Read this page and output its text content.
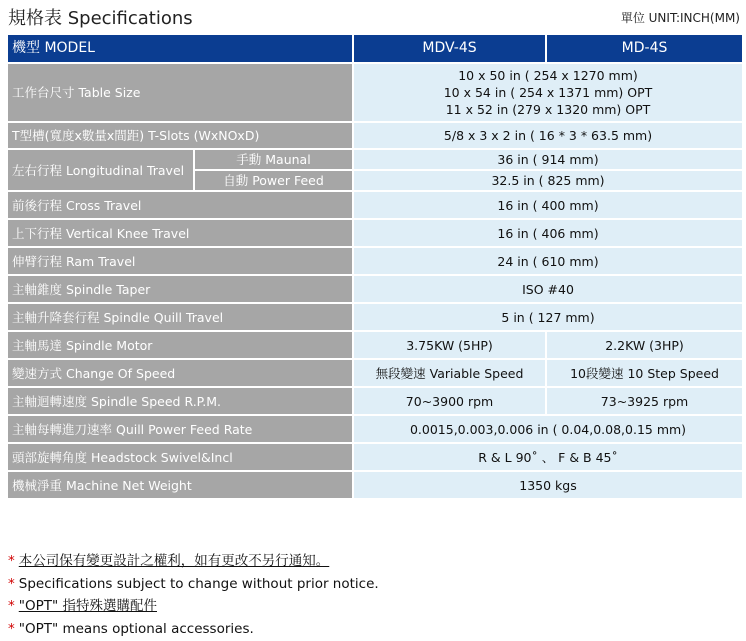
規格表 Specifications	單位 UNIT:INCH(MM)
機型 MODEL		MDV-4S	MD-4S
工作台尺寸 Table Size		10 x 50 in ( 254 x 1270 mm)
10 x 54 in ( 254 x 1371 mm) OPT
11 x 52 in (279 x 1320 mm) OPT	

T型槽(寬度x數量x間距) T-Slots (WxNOxD)		5/8 x 3 x 2 in ( 16 * 3 * 63.5 mm)	
左右行程 Longitudinal Travel	手動 Maunal	36 in ( 914 mm)	
	自動 Power Feed	32.5 in ( 825 mm)	
前後行程 Cross Travel		16 in ( 400 mm)	
上下行程 Vertical Knee Travel		16 in ( 406 mm)	
伸臂行程 Ram Travel		24 in ( 610 mm)	
主軸錐度 Spindle Taper		ISO #40	
主軸升降套行程 Spindle Quill Travel		5 in ( 127 mm)	
主軸馬達 Spindle Motor		3.75KW (5HP)	2.2KW (3HP)
變速方式 Change Of Speed		無段變速 Variable Speed	10段變速 10 Step Speed
主軸迴轉速度 Spindle Speed R.P.M.		70~3900 rpm	73~3925 rpm
主軸每轉進刀速率 Quill Power Feed Rate		0.0015,0.003,0.006 in ( 0.04,0.08,0.15 mm)	
頭部旋轉角度 Headstock Swivel&Incl		R & L 90˚ 、 F & B 45˚	
機械淨重 Machine Net Weight		1350 kgs	
* 本公司保有變更設計之權利，如有更改不另行通知。
* Specifications subject to change without prior notice.
* "OPT" 指特殊選購配件
* "OPT" means optional accessories.
